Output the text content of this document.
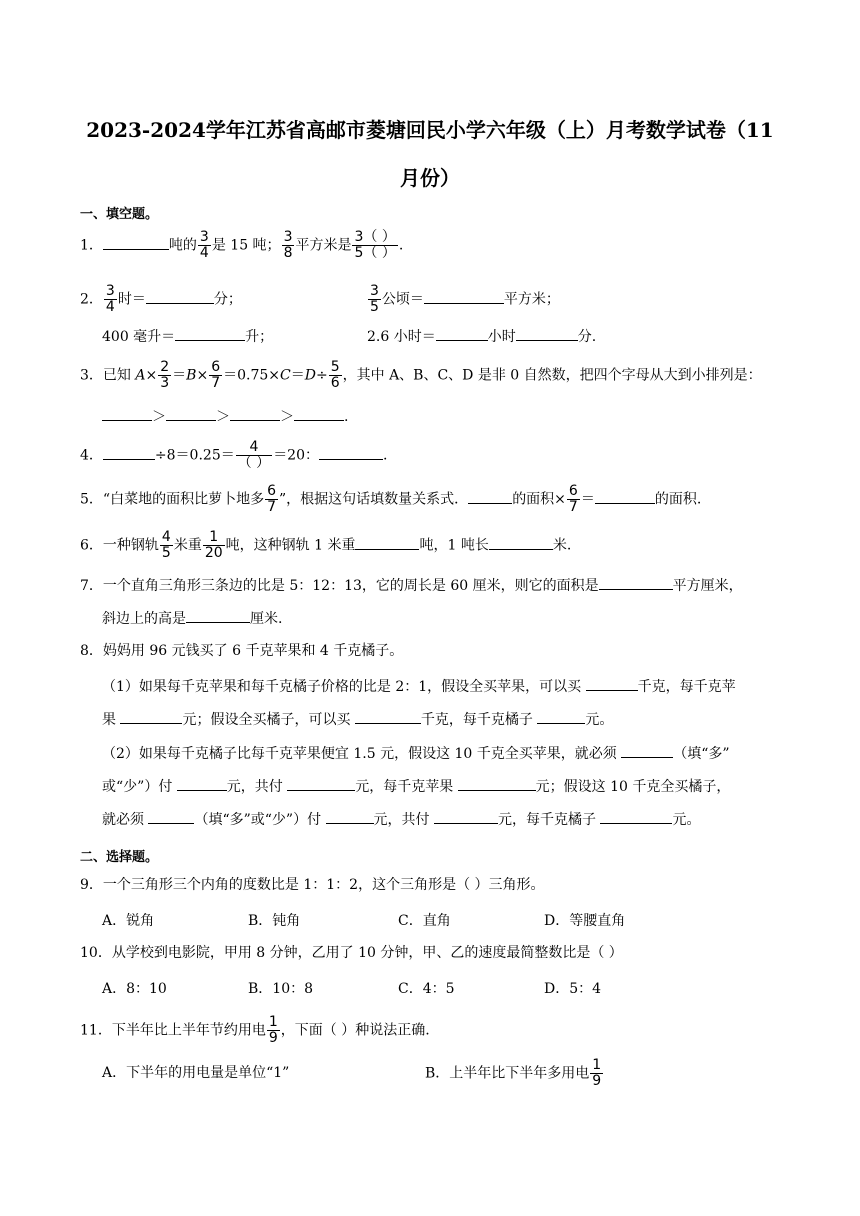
2023-2024学年江苏省高邮市菱塘回民小学六年级（上）月考数学试卷（11
月份）
一、填空题。
1．	吨的 $\frac{3}{4}$ 是 15 吨； $\frac{3}{8}$ 平方米是 $\frac{3( )}{5( )}$ .
2． $\frac{3}{4}$ 时＝	分；	$\frac{3}{5}$ 公顷＝	平方米；
400 毫升＝	升；	2.6 小时＝	小时	分.
3．已知 $A\times \frac{2}{3} =B\times \frac{6}{7} =0.75\times C=D\div \frac{5}{6}$ ，其中 A、B、C、D 是非 0 自然数，把四个字母从大到小排列是：
＞	＞	＞	.
4．	$\div 8=0.25= \frac{4}{( )} =20$：	.
5．“白菜地的面积比萝卜地多 $\frac{6}{7}$ ”，根据这句话填数量关系式．	的面积× $\frac{6}{7}$ ＝	的面积.
6．一种钢轨 $\frac{4}{5}$ 米重 $\frac{1}{20}$ 吨，这种钢轨 1 米重	吨，1 吨长	米.
7．一个直角三角形三条边的比是 5：12：13，它的周长是 60 厘米，则它的面积是	平方厘米，
斜边上的高是	厘米.
8．妈妈用 96 元钱买了 6 千克苹果和 4 千克橘子。
（1）如果每千克苹果和每千克橘子价格的比是 2：1，假设全买苹果，可以买	千克，每千克苹
果	元；假设全买橘子，可以买	千克，每千克橘子	元。
（2）如果每千克橘子比每千克苹果便宜 1.5 元，假设这 10 千克全买苹果，就必须	（填“多”
或“少”）付	元，共付	元，每千克苹果	元；假设这 10 千克全买橘子，
就必须	（填“多”或“少”）付	元，共付	元，每千克橘子	元。
二、选择题。
9．一个三角形三个内角的度数比是 1：1：2，这个三角形是（ ）三角形。
A．锐角	B．钝角	C．直角	D．等腰直角
10．从学校到电影院，甲用 8 分钟，乙用了 10 分钟，甲、乙的速度最简整数比是（ ）
A．8：10	B．10：8	C．4：5	D．5：4
11．下半年比上半年节约用电 $\frac{1}{9}$ ，下面（ ）种说法正确.
A．下半年的用电量是单位“1”	B．上半年比下半年多用电 $\frac{1}{9}$
